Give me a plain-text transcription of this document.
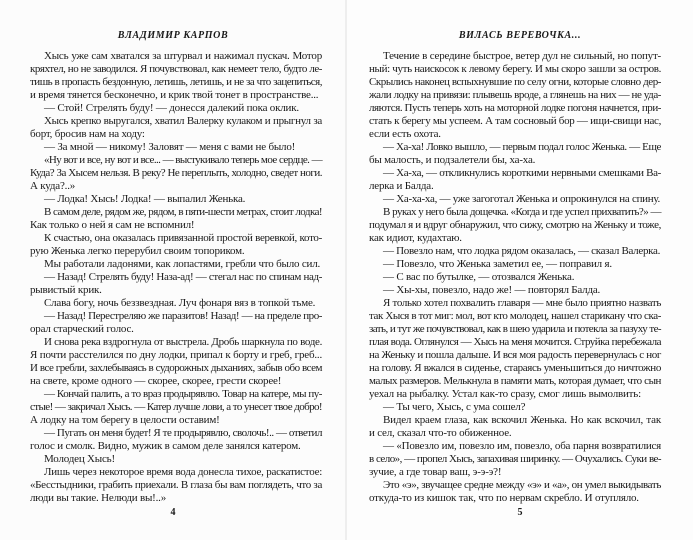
ВЛАДИМИР КАРПОВ
Хысь уже сам хватался за штурвал и нажимал пускач. Мотор
кряхтел, но не заводился. Я почувствовал, как немеет тело, будто ле-
тишь в пропасть бездонную, летишь, летишь, и не за что зацепиться,
и время тянется бесконечно, и крик твой тонет в пространстве...
— Стой! Стрелять буду! — донесся далекий пока оклик.
Хысь крепко выругался, хватил Валерку кулаком и прыгнул за
борт, бросив нам на ходу:
— За мной — никому! Заловят — меня с вами не было!
«Ну вот и все, ну вот и все... — выстукивало теперь мое сердце. —
Куда? За Хысем нельзя. В реку? Не переплыть, холодно, сведет ноги.
А куда?..»
— Лодка! Хысь! Лодка! — выпалил Женька.
В самом деле, рядом же, рядом, в пяти-шести метрах, стоит лодка!
Как только о ней я сам не вспомнил!
К счастью, она оказалась привязанной простой веревкой, кото-
рую Женька легко перерубил своим топориком.
Мы работали ладонями, как лопастями, гребли что было сил.
— Назад! Стрелять буду! Наза-ад! — стегал нас по спинам над-
рывистый крик.
Слава богу, ночь беззвездная. Луч фонаря вяз в топкой тьме.
— Назад! Перестреляю же паразитов! Назад! — на пределе про-
орал старческий голос.
И снова река вздрогнула от выстрела. Дробь шаркнула по воде.
Я почти расстелился по дну лодки, припал к борту и греб, греб...
И все гребли, захлебываясь в судорожных дыханиях, забыв обо всем
на свете, кроме одного — скорее, скорее, грести скорее!
— Кончай палить, а то враз продырявлю. Товар на катере, мы пу-
стые! — закричал Хысь. — Катер лучше лови, а то унесет твое добро!
А лодку на том берегу в целости оставим!
— Пугать он меня будет! Я те продырявлю, сволочь!.. — ответил
голос и смолк. Видно, мужик в самом деле занялся катером.
Молодец Хысь!
Лишь через некоторое время вода донесла тихое, раскатистое:
«Бесстыдники, грабить приехали. В глаза бы вам поглядеть, что за
люди вы такие. Нелюди вы!..»
4
ВИЛАСЬ ВЕРЕВОЧКА...
Течение в середине быстрое, ветер дул не сильный, но попут-
ный: чуть наискосок к левому берегу. И мы скоро зашли за остров.
Скрылись наконец вспыхнувшие по селу огни, которые словно дер-
жали лодку на привязи: плывешь вроде, а глянешь на них — не уда-
ляются. Пусть теперь хоть на моторной лодке погоня начнется, при-
стать к берегу мы успеем. А там сосновый бор — ищи-свищи нас,
если есть охота.
— Ха-ха! Ловко вышло, — первым подал голос Женька. — Еще
бы малость, и подзалетели бы, ха-ха.
— Ха-ха, — откликнулись короткими нервными смешками Ва-
лерка и Балда.
— Ха-ха-ха, — уже загоготал Женька и опрокинулся на спину.
В руках у него была дощечка. «Когда и где успел прихватить?» —
подумал я и вдруг обнаружил, что сижу, смотрю на Женьку и тоже,
как идиот, кудахтаю.
— Повезло нам, что лодка рядом оказалась, — сказал Валерка.
— Повезло, что Женька заметил ее, — поправил я.
— С вас по бутылке, — отозвался Женька.
— Хы-хы, повезло, надо же! — повторял Балда.
Я только хотел похвалить главаря — мне было приятно назвать
так Хыся в тот миг: мол, вот кто молодец, нашел старикану что ска-
зать, и тут же почувствовал, как в шею ударила и потекла за пазуху те-
плая вода. Оглянулся — Хысь на меня мочится. Струйка перебежала
на Женьку и пошла дальше. И вся моя радость перевернулась с ног
на голову. Я вжался в сиденье, стараясь уменьшиться до ничтожно
малых размеров. Мелькнула в памяти мать, которая думает, что сын
уехал на рыбалку. Устал как-то сразу, смог лишь вымолвить:
— Ты чего, Хысь, с ума сошел?
Видел краем глаза, как вскочил Женька. Но как вскочил, так
и сел, сказал что-то обиженное.
— «Повезло им, повезло им, повезло, оба парня возвратилися
в село», — пропел Хысь, запахивая ширинку. — Очухались. Суки ве-
зучие, а где товар ваш, э-э-э?!
Это «э», звучащее средне между «э» и «а», он умел выкидывать
откуда-то из кишок так, что по нервам скребло. И отупляло.
5
